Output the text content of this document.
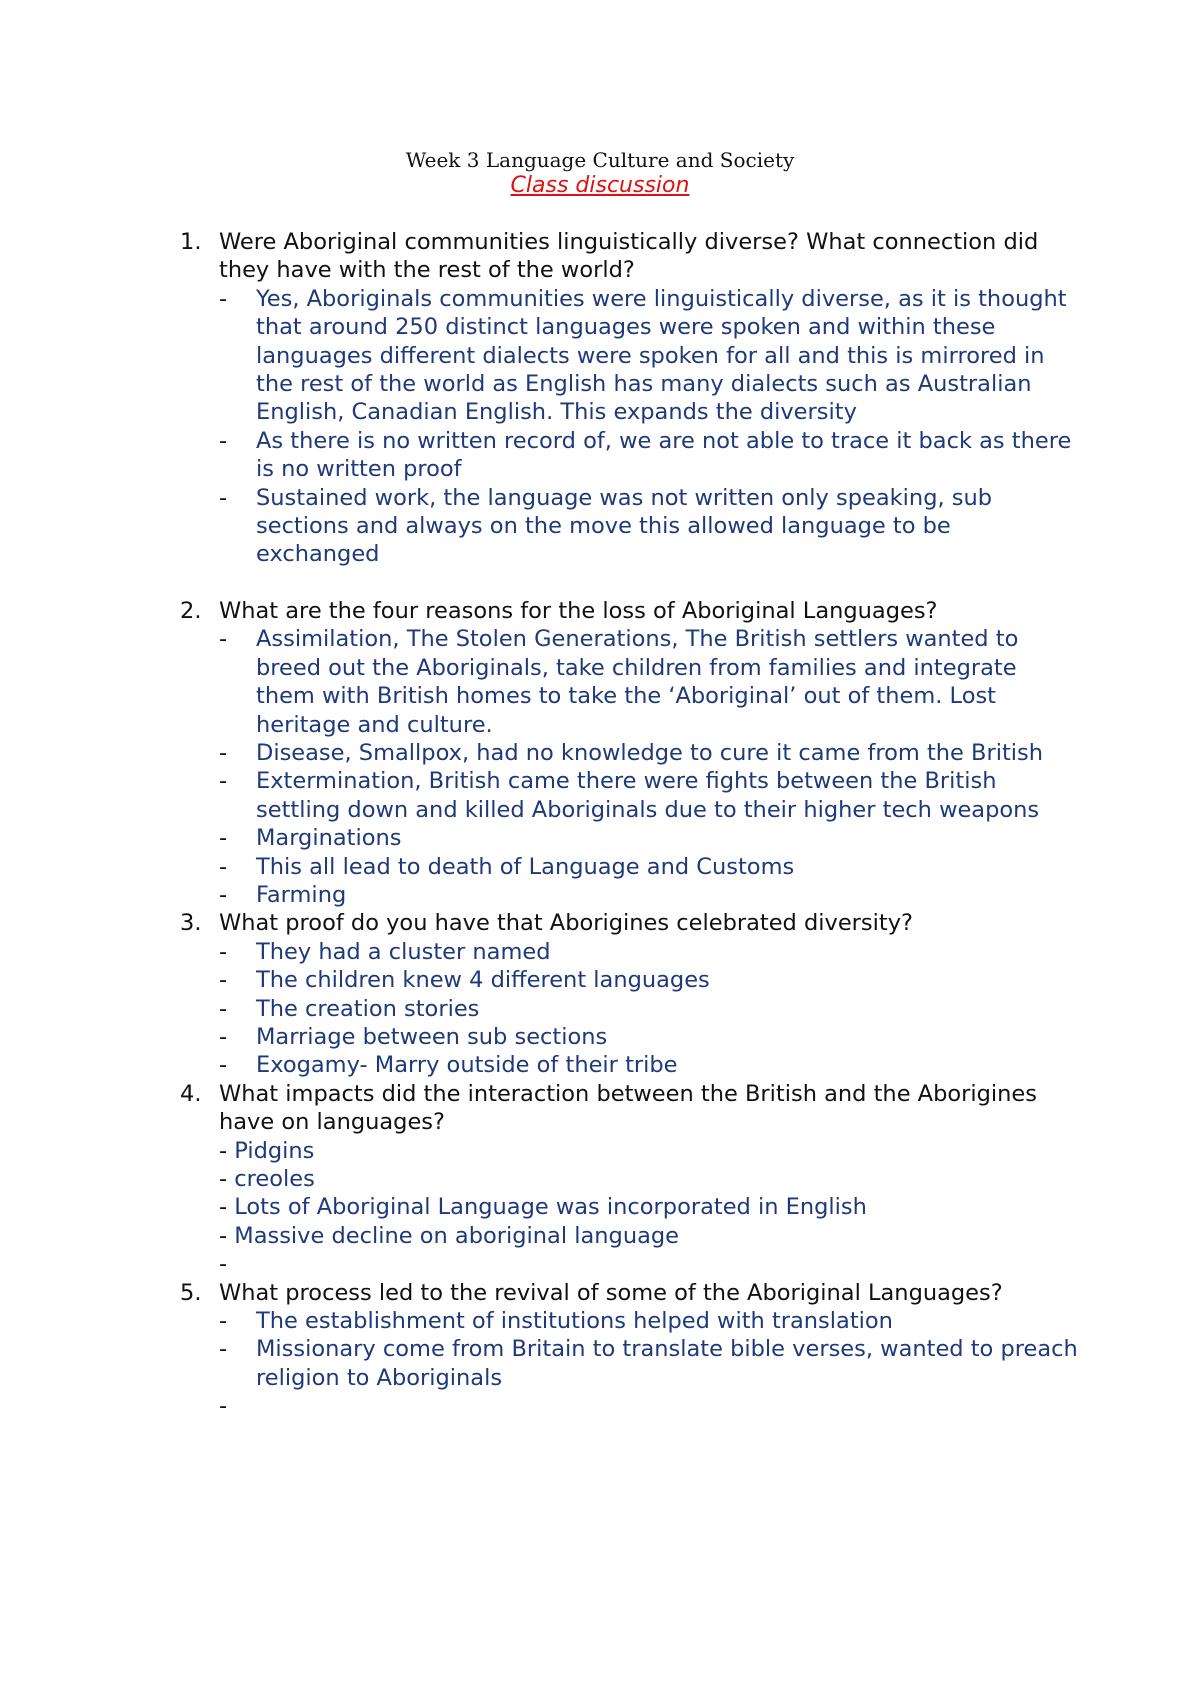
Week 3 Language Culture and Society
Class discussion
1. Were Aboriginal communities linguistically diverse? What connection did they have with the rest of the world?
- Yes, Aboriginals communities were linguistically diverse, as it is thought that around 250 distinct languages were spoken and within these languages different dialects were spoken for all and this is mirrored in the rest of the world as English has many dialects such as Australian English, Canadian English. This expands the diversity
- As there is no written record of, we are not able to trace it back as there is no written proof
- Sustained work, the language was not written only speaking, sub sections and always on the move this allowed language to be exchanged
2. What are the four reasons for the loss of Aboriginal Languages?
- Assimilation, The Stolen Generations, The British settlers wanted to breed out the Aboriginals, take children from families and integrate them with British homes to take the ‘Aboriginal’ out of them. Lost heritage and culture.
- Disease, Smallpox, had no knowledge to cure it came from the British
- Extermination, British came there were fights between the British settling down and killed Aboriginals due to their higher tech weapons
- Marginations
- This all lead to death of Language and Customs
- Farming
3. What proof do you have that Aborigines celebrated diversity?
- They had a cluster named
- The children knew 4 different languages
- The creation stories
- Marriage between sub sections
- Exogamy- Marry outside of their tribe
4. What impacts did the interaction between the British and the Aborigines have on languages?
- Pidgins
- creoles
- Lots of Aboriginal Language was incorporated in English
- Massive decline on aboriginal language
-
5. What process led to the revival of some of the Aboriginal Languages?
- The establishment of institutions helped with translation
- Missionary come from Britain to translate bible verses, wanted to preach religion to Aboriginals
-
